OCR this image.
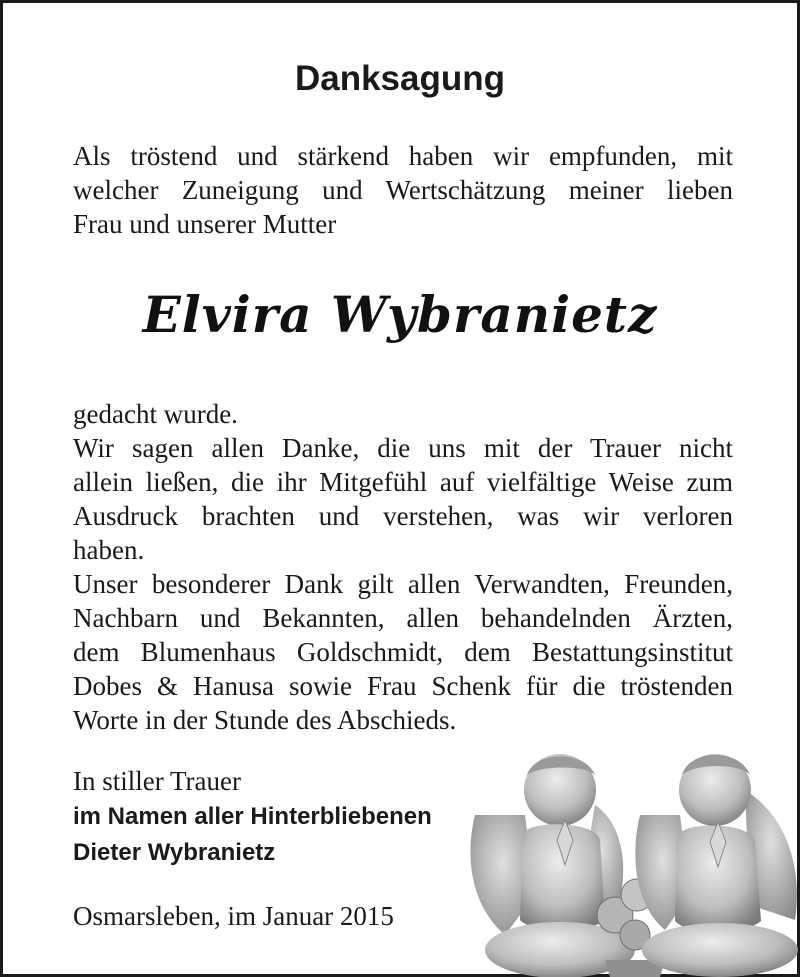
Danksagung
Als tröstend und stärkend haben wir empfunden, mit
welcher Zuneigung und Wertschätzung meiner lieben
Frau und unserer Mutter
Elvira Wybranietz
gedacht wurde.
Wir sagen allen Danke, die uns mit der Trauer nicht
allein ließen, die ihr Mitgefühl auf vielfältige Weise zum
Ausdruck brachten und verstehen, was wir verloren
haben.
Unser besonderer Dank gilt allen Verwandten, Freunden,
Nachbarn und Bekannten, allen behandelnden Ärzten,
dem Blumenhaus Goldschmidt, dem Bestattungsinstitut
Dobes & Hanusa sowie Frau Schenk für die tröstenden
Worte in der Stunde des Abschieds.
In stiller Trauer
im Namen aller Hinterbliebenen
Dieter Wybranietz
Osmarsleben, im Januar 2015
